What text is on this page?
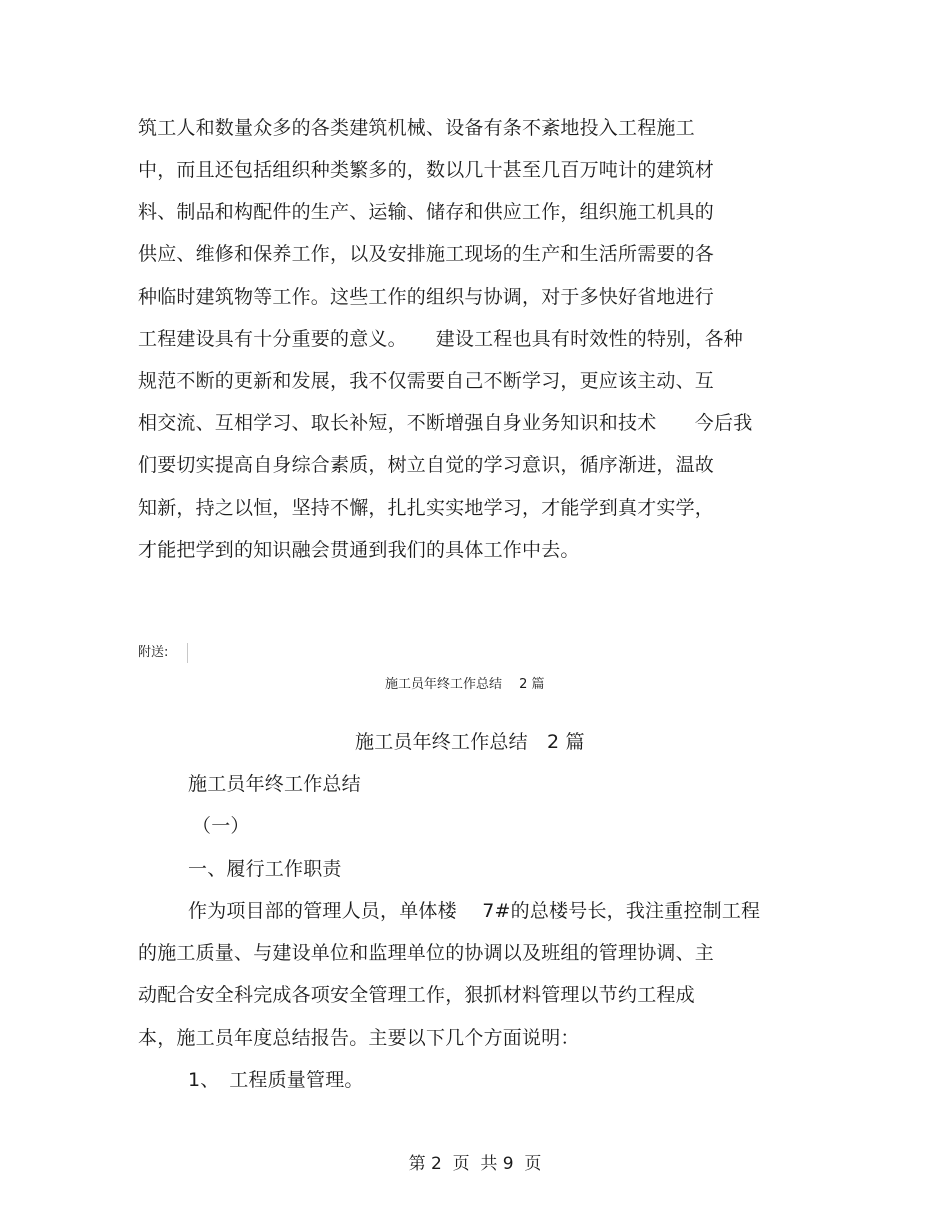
筑工人和数量众多的各类建筑机械、设备有条不紊地投入工程施工
中，而且还包括组织种类繁多的，数以几十甚至几百万吨计的建筑材
料、制品和构配件的生产、运输、储存和供应工作，组织施工机具的
供应、维修和保养工作，以及安排施工现场的生产和生活所需要的各
种临时建筑物等工作。这些工作的组织与协调，对于多快好省地进行
工程建设具有十分重要的意义。　　建设工程也具有时效性的特别，各种
规范不断的更新和发展，我不仅需要自己不断学习，更应该主动、互
相交流、互相学习、取长补短，不断增强自身业务知识和技术　　今后我
们要切实提高自身综合素质，树立自觉的学习意识，循序渐进，温故
知新，持之以恒，坚持不懈，扎扎实实地学习，才能学到真才实学，
才能把学到的知识融会贯通到我们的具体工作中去。
附送:
施工员年终工作总结　 2 篇
施工员年终工作总结　2 篇
施工员年终工作总结
（一）
一、履行工作职责
作为项目部的管理人员，单体楼　 7#的总楼号长，我注重控制工程
的施工质量、与建设单位和监理单位的协调以及班组的管理协调、主
动配合安全科完成各项安全管理工作，狠抓材料管理以节约工程成
本，施工员年度总结报告。主要以下几个方面说明：
1、　工程质量管理。
第 2  页  共 9  页
